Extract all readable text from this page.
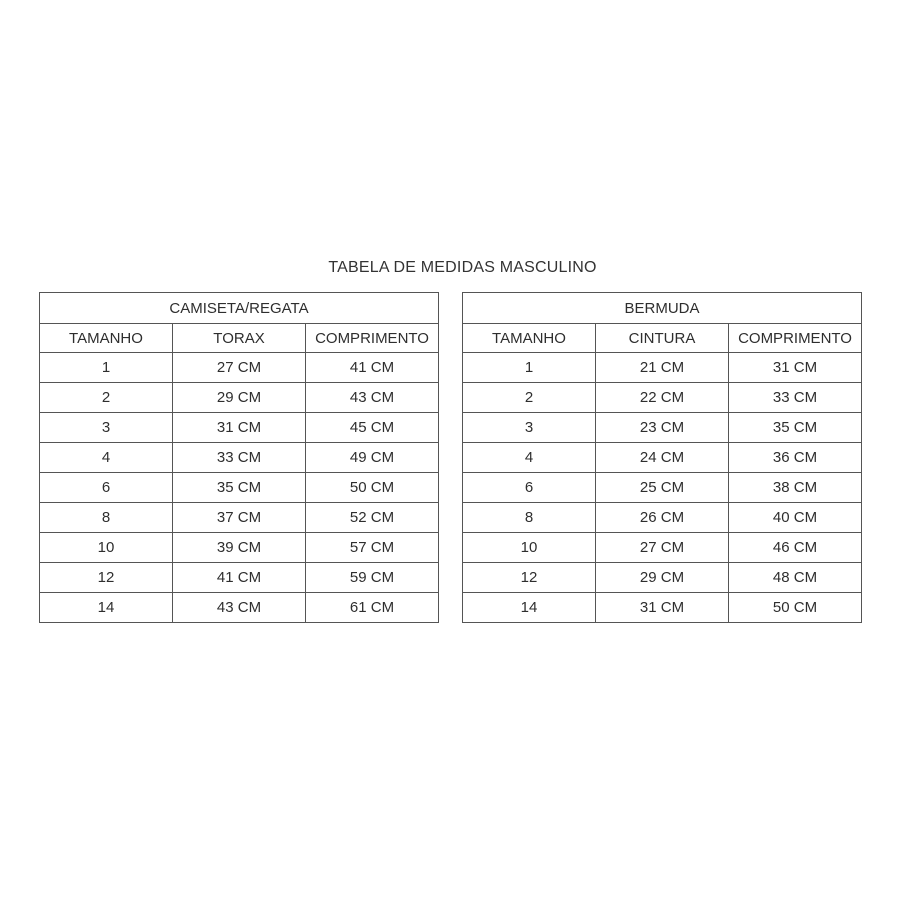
TABELA DE MEDIDAS MASCULINO
CAMISETA/REGATA		
TAMANHO	TORAX	COMPRIMENTO
1	27 CM	41 CM
2	29 CM	43 CM
3	31 CM	45 CM
4	33 CM	49 CM
6	35 CM	50 CM
8	37 CM	52 CM
10	39 CM	57 CM
12	41 CM	59 CM
14	43 CM	61 CM
BERMUDA		
TAMANHO	CINTURA	COMPRIMENTO
1	21 CM	31 CM
2	22 CM	33 CM
3	23 CM	35 CM
4	24 CM	36 CM
6	25 CM	38 CM
8	26 CM	40 CM
10	27 CM	46 CM
12	29 CM	48 CM
14	31 CM	50 CM
